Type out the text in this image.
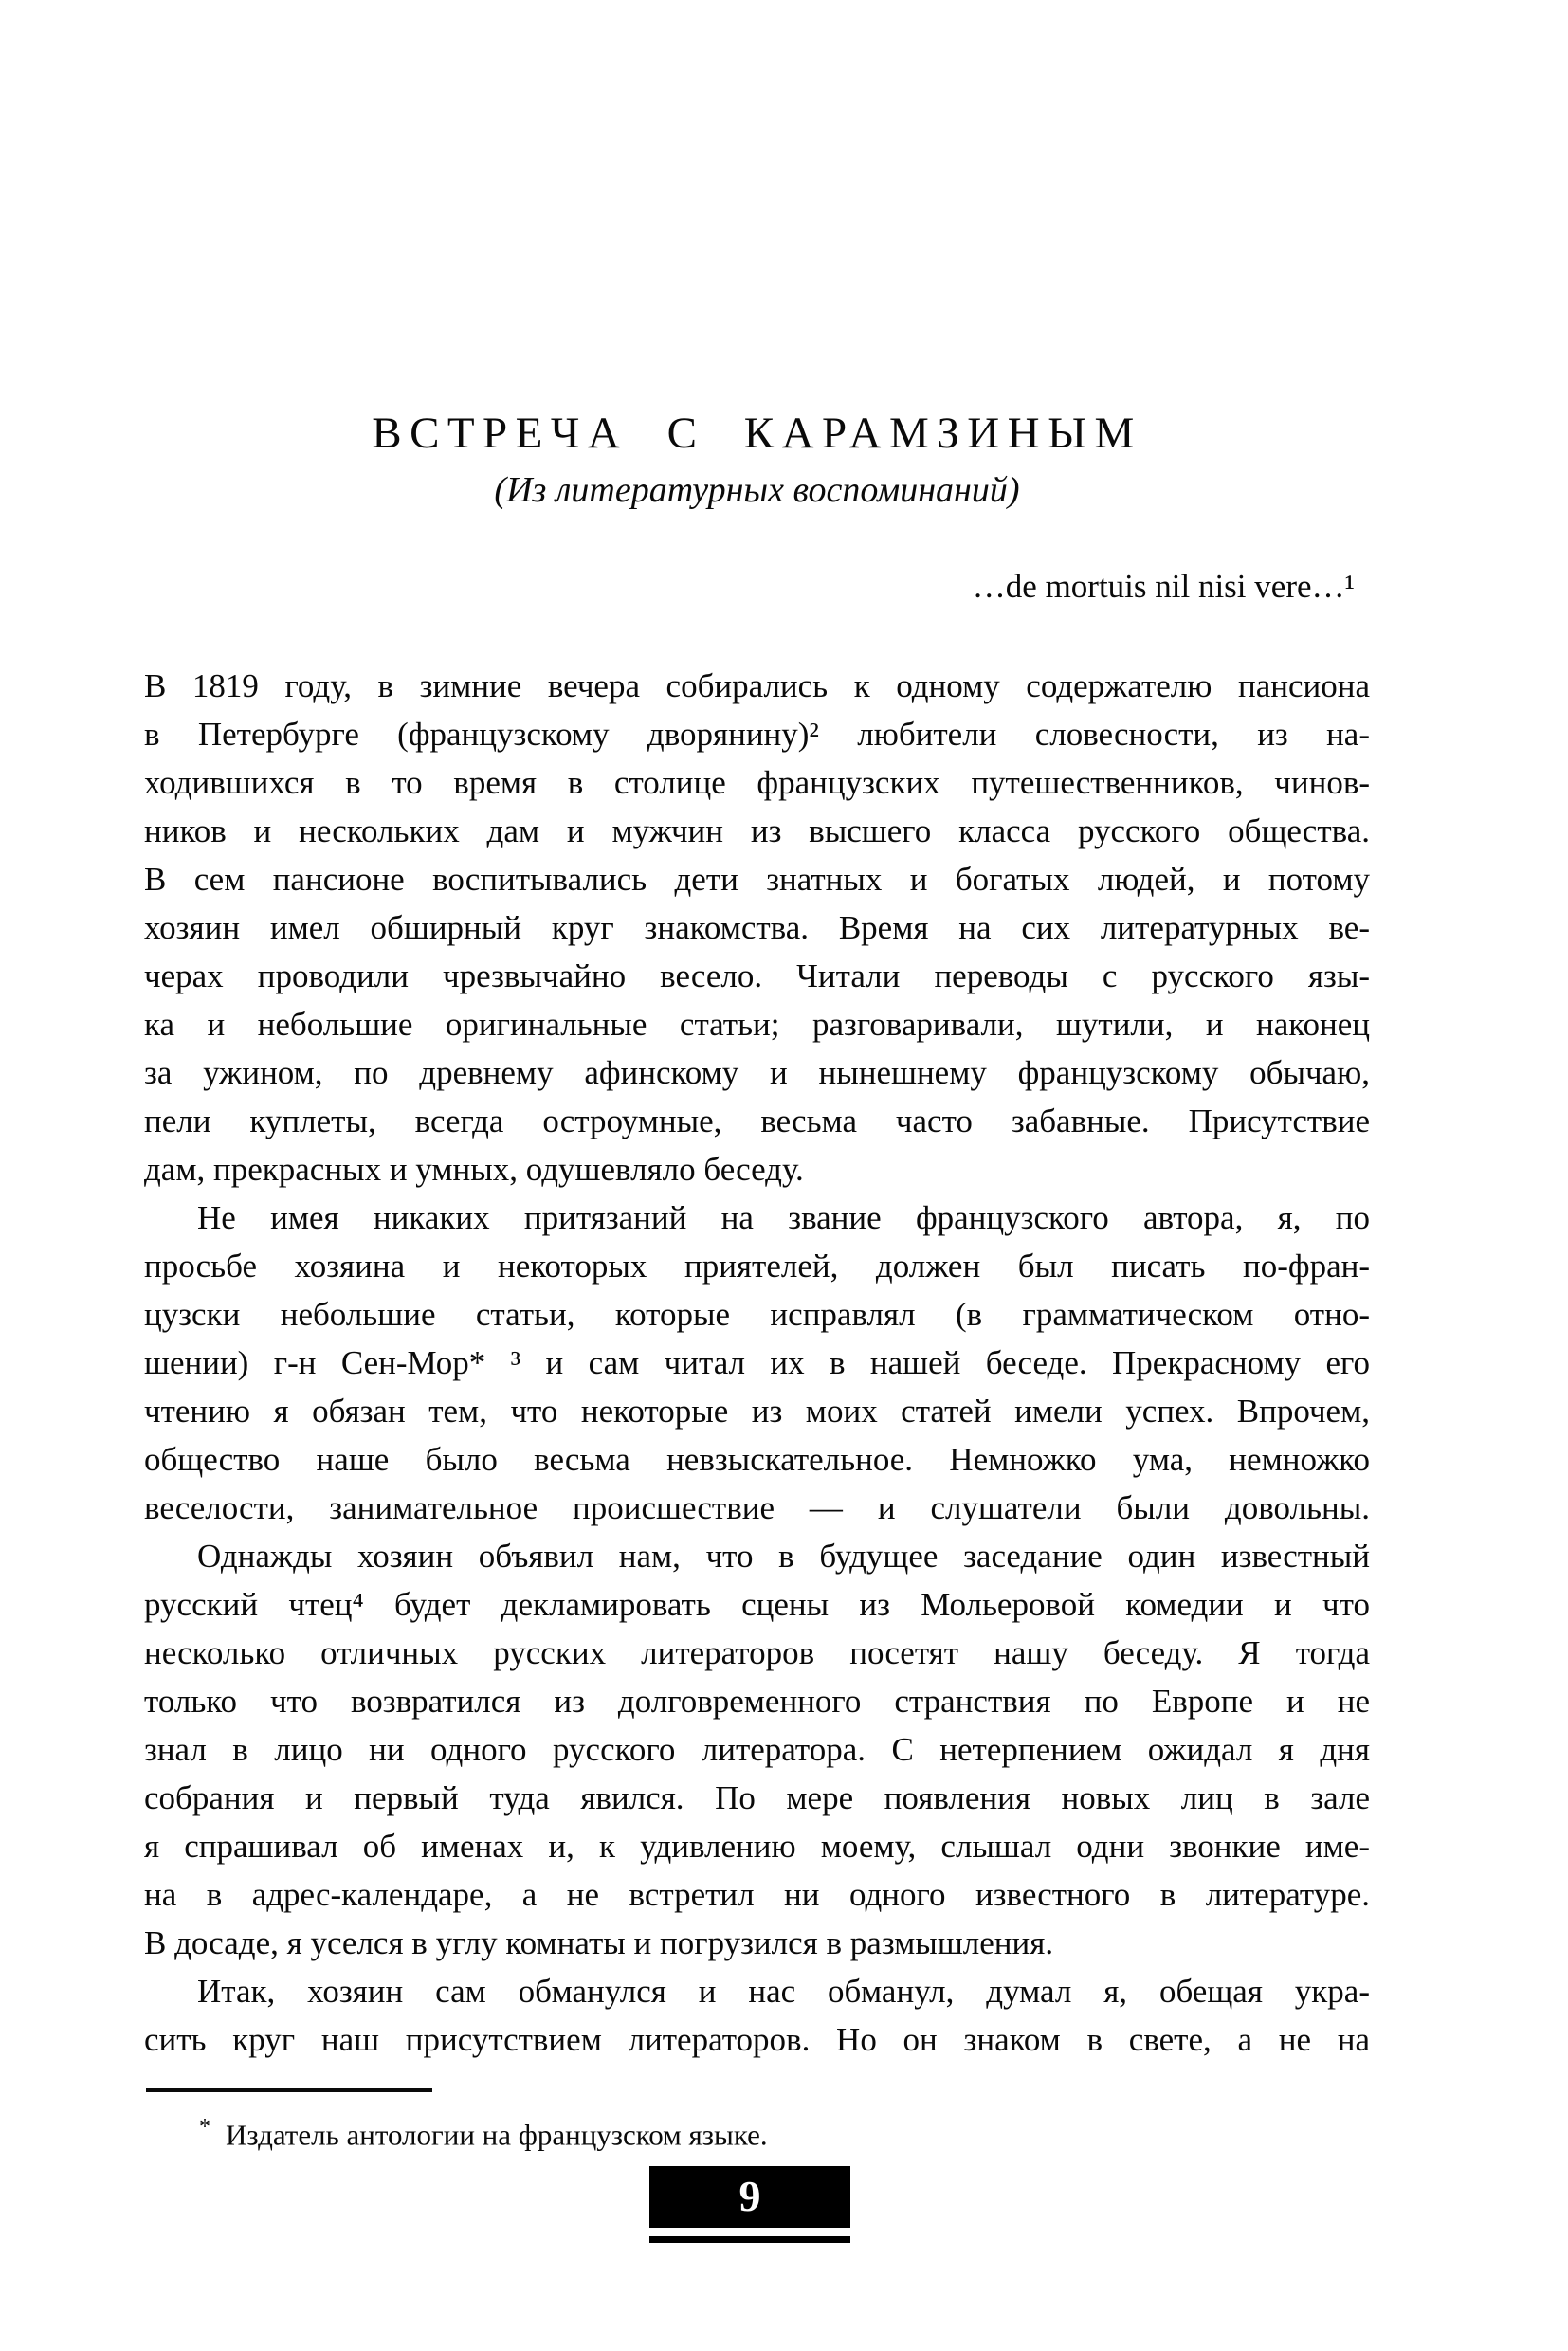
ВСТРЕЧА С КАРАМЗИНЫМ
(Из литературных воспоминаний)
…de mortuis nil nisi vere…¹
В 1819 году, в зимние вечера собирались к одному содержателю пансиона
в Петербурге (французскому дворянину)² любители словесности, из на-
ходившихся в то время в столице французских путешественников, чинов-
ников и нескольких дам и мужчин из высшего класса русского общества.
В сем пансионе воспитывались дети знатных и богатых людей, и потому
хозяин имел обширный круг знакомства. Время на сих литературных ве-
черах проводили чрезвычайно весело. Читали переводы с русского язы-
ка и небольшие оригинальные статьи; разговаривали, шутили, и наконец
за ужином, по древнему афинскому и нынешнему французскому обычаю,
пели куплеты, всегда остроумные, весьма часто забавные. Присутствие
дам, прекрасных и умных, одушевляло беседу.
Не имея никаких притязаний на звание французского автора, я, по
просьбе хозяина и некоторых приятелей, должен был писать по-фран-
цузски небольшие статьи, которые исправлял (в грамматическом отно-
шении) г-н Сен-Мор* ³ и сам читал их в нашей беседе. Прекрасному его
чтению я обязан тем, что некоторые из моих статей имели успех. Впрочем,
общество наше было весьма невзыскательное. Немножко ума, немножко
веселости, занимательное происшествие — и слушатели были довольны.
Однажды хозяин объявил нам, что в будущее заседание один известный
русский чтец⁴ будет декламировать сцены из Мольеровой комедии и что
несколько отличных русских литераторов посетят нашу беседу. Я тогда
только что возвратился из долговременного странствия по Европе и не
знал в лицо ни одного русского литератора. С нетерпением ожидал я дня
собрания и первый туда явился. По мере появления новых лиц в зале
я спрашивал об именах и, к удивлению моему, слышал одни звонкие име-
на в адрес-календаре, а не встретил ни одного известного в литературе.
В досаде, я уселся в углу комнаты и погрузился в размышления.
Итак, хозяин сам обманулся и нас обманул, думал я, обещая укра-
сить круг наш присутствием литераторов. Но он знаком в свете, а не на
* Издатель антологии на французском языке.
9
